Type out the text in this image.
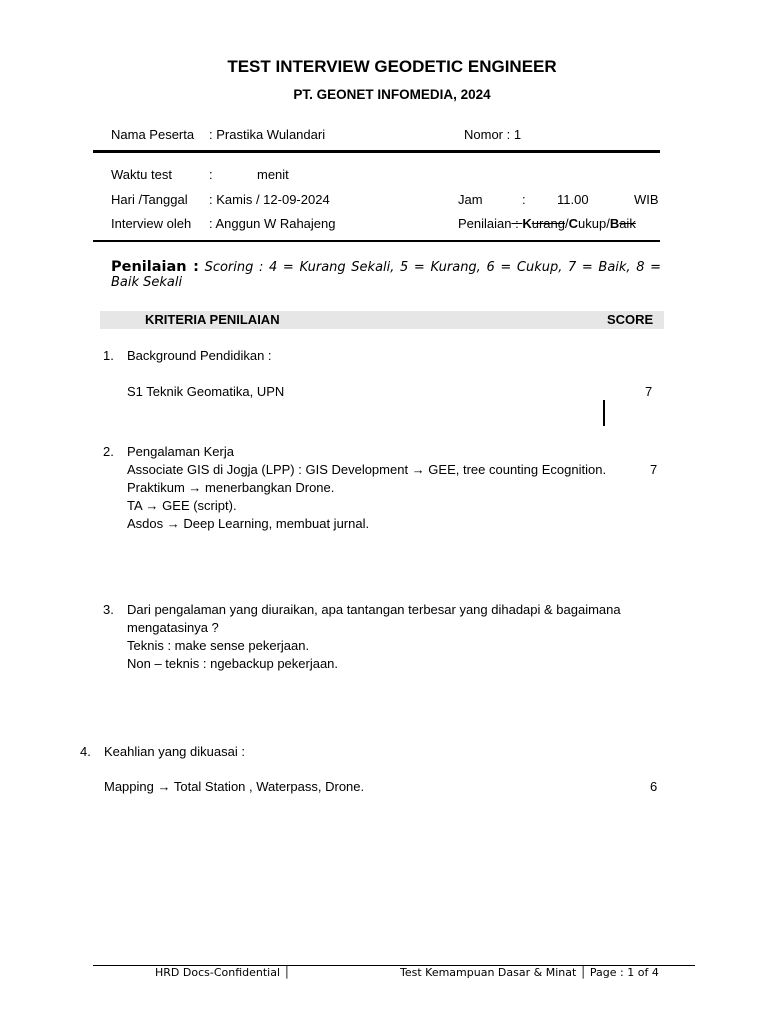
TEST INTERVIEW GEODETIC ENGINEER
PT. GEONET INFOMEDIA, 2024
Nama Peserta : Prastika Wulandari	Nomor : 1
Waktu test	:	menit
Hari /Tanggal : Kamis / 12-09-2024	Jam	: 11.00	WIB
Interview oleh : Anggun W Rahajeng	Penilaian : Kurang/Cukup/Baik
Penilaian : Scoring : 4 = Kurang Sekali, 5 = Kurang, 6 = Cukup, 7 = Baik, 8 = Baik Sekali
KRITERIA PENILAIAN	SCORE
1. Background Pendidikan :
S1 Teknik Geomatika, UPN	7
2. Pengalaman Kerja
Associate GIS di Jogja (LPP) : GIS Development → GEE, tree counting Ecognition.	7
Praktikum → menerbangkan Drone.
TA → GEE (script).
Asdos → Deep Learning, membuat jurnal.
3. Dari pengalaman yang diuraikan, apa tantangan terbesar yang dihadapi & bagaimana
mengatasinya ?
Teknis : make sense pekerjaan.
Non – teknis : ngebackup pekerjaan.
4. Keahlian yang dikuasai :
Mapping → Total Station , Waterpass, Drone.	6
HRD Docs-Confidential │	Test Kemampuan Dasar & Minat │ Page : 1 of 4
